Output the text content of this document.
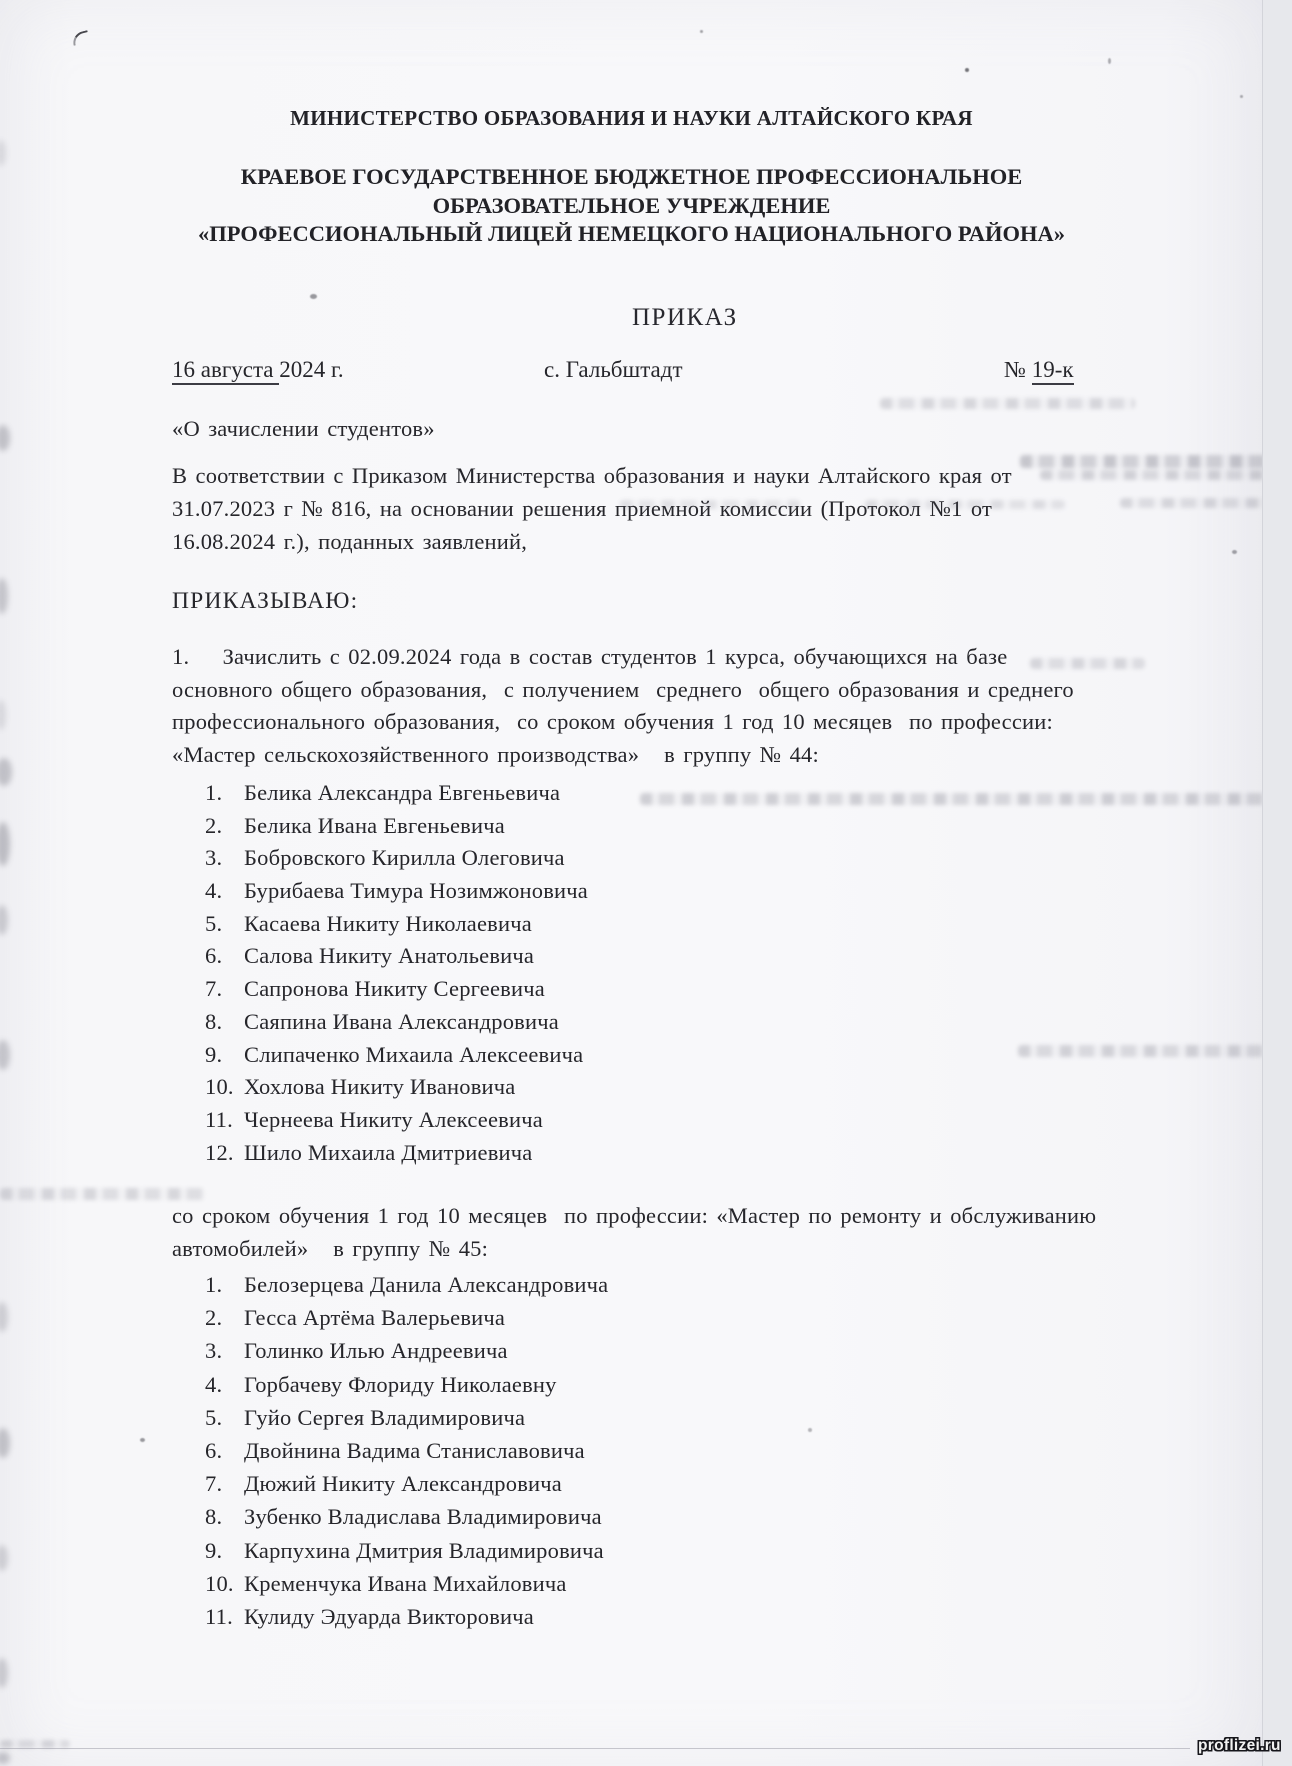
МИНИСТЕРСТВО ОБРАЗОВАНИЯ И НАУКИ АЛТАЙСКОГО КРАЯ
КРАЕВОЕ ГОСУДАРСТВЕННОЕ БЮДЖЕТНОЕ ПРОФЕССИОНАЛЬНОЕ
ОБРАЗОВАТЕЛЬНОЕ УЧРЕЖДЕНИЕ
«ПРОФЕССИОНАЛЬНЫЙ ЛИЦЕЙ НЕМЕЦКОГО НАЦИОНАЛЬНОГО РАЙОНА»
ПРИКАЗ
16 августа 2024 г.	с. Гальбштадт	№ 19-к
«О зачислении студентов»
В соответствии с Приказом Министерства образования и науки Алтайского края от
31.07.2023 г № 816, на основании решения приемной комиссии (Протокол №1 от
16.08.2024 г.), поданных заявлений,
ПРИКАЗЫВАЮ:
1.    Зачислить с 02.09.2024 года в состав студентов 1 курса, обучающихся на базе
основного общего образования,  с получением  среднего  общего образования и среднего
профессионального образования,  со сроком обучения 1 год 10 месяцев  по профессии:
«Мастер сельскохозяйственного производства»   в группу № 44:
1. Белика Александра Евгеньевича
2. Белика Ивана Евгеньевича
3. Бобровского Кирилла Олеговича
4. Бурибаева Тимура Нозимжоновича
5. Касаева Никиту Николаевича
6. Салова Никиту Анатольевича
7. Сапронова Никиту Сергеевича
8. Саяпина Ивана Александровича
9. Слипаченко Михаила Алексеевича
10. Хохлова Никиту Ивановича
11. Чернеева Никиту Алексеевича
12. Шило Михаила Дмитриевича
со сроком обучения 1 год 10 месяцев  по профессии: «Мастер по ремонту и обслуживанию
автомобилей»   в группу № 45:
1. Белозерцева Данила Александровича
2. Гесса Артёма Валерьевича
3. Голинко Илью Андреевича
4. Горбачеву Флориду Николаевну
5. Гуйо Сергея Владимировича
6. Двойнина Вадима Станиславовича
7. Дюжий Никиту Александровича
8. Зубенко Владислава Владимировича
9. Карпухина Дмитрия Владимировича
10. Кременчука Ивана Михайловича
11. Кулиду Эдуарда Викторовича
proflizei.ru
